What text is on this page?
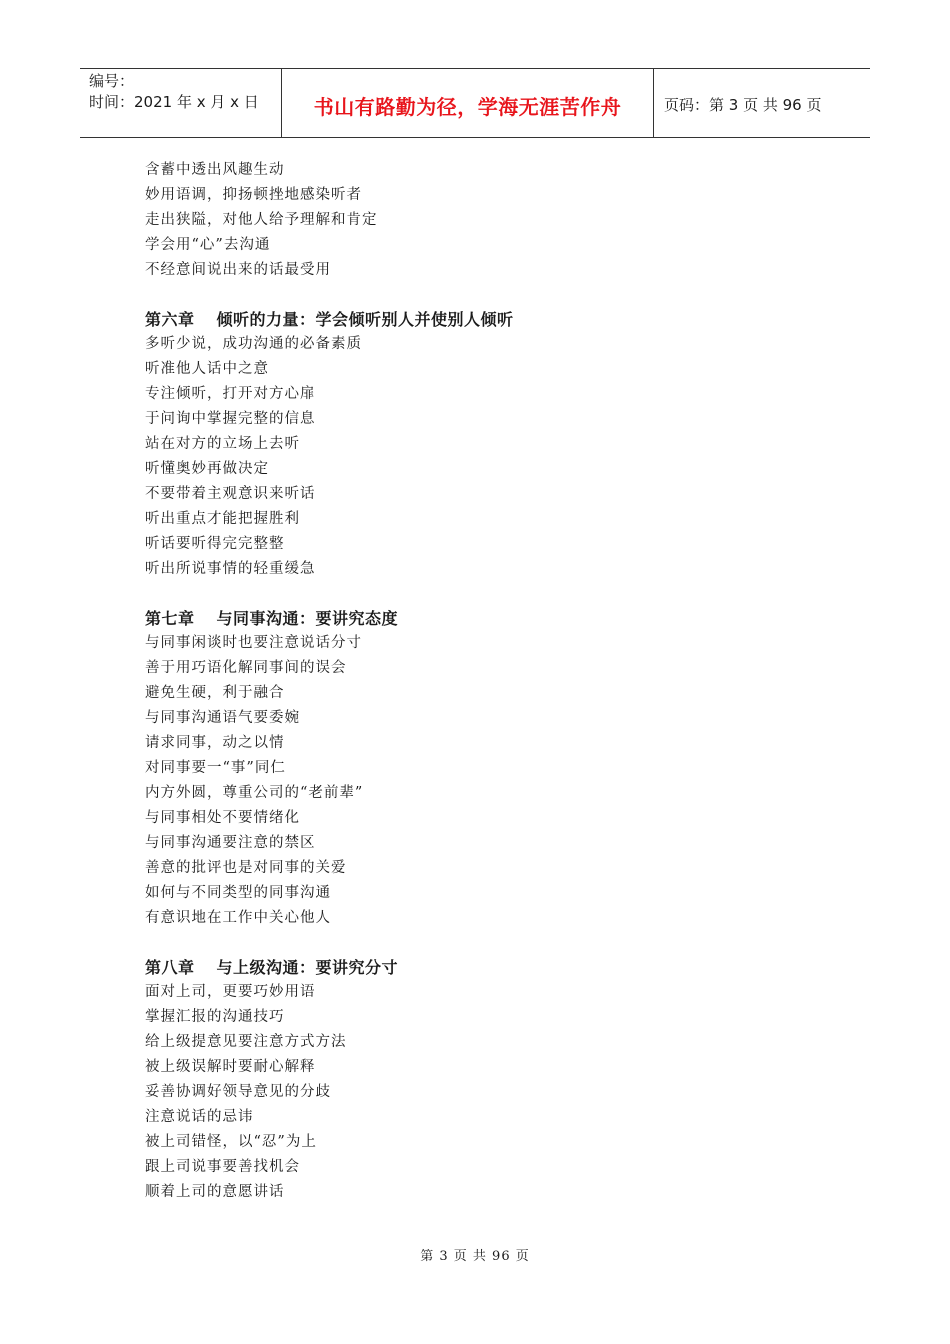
编号：
时间：2021 年 x 月 x 日	书山有路勤为径，学海无涯苦作舟	页码：第 3 页 共 96 页
含蓄中透出风趣生动
妙用语调，抑扬顿挫地感染听者
走出狭隘，对他人给予理解和肯定
学会用“心”去沟通
不经意间说出来的话最受用
第六章 倾听的力量：学会倾听别人并使别人倾听
多听少说，成功沟通的必备素质
听准他人话中之意
专注倾听，打开对方心扉
于问询中掌握完整的信息
站在对方的立场上去听
听懂奥妙再做决定
不要带着主观意识来听话
听出重点才能把握胜利
听话要听得完完整整
听出所说事情的轻重缓急
第七章 与同事沟通：要讲究态度
与同事闲谈时也要注意说话分寸
善于用巧语化解同事间的误会
避免生硬，利于融合
与同事沟通语气要委婉
请求同事，动之以情
对同事要一“事”同仁
内方外圆，尊重公司的“老前辈”
与同事相处不要情绪化
与同事沟通要注意的禁区
善意的批评也是对同事的关爱
如何与不同类型的同事沟通
有意识地在工作中关心他人
第八章 与上级沟通：要讲究分寸
面对上司，更要巧妙用语
掌握汇报的沟通技巧
给上级提意见要注意方式方法
被上级误解时要耐心解释
妥善协调好领导意见的分歧
注意说话的忌讳
被上司错怪，以“忍”为上
跟上司说事要善找机会
顺着上司的意愿讲话
第 3 页 共 96 页
